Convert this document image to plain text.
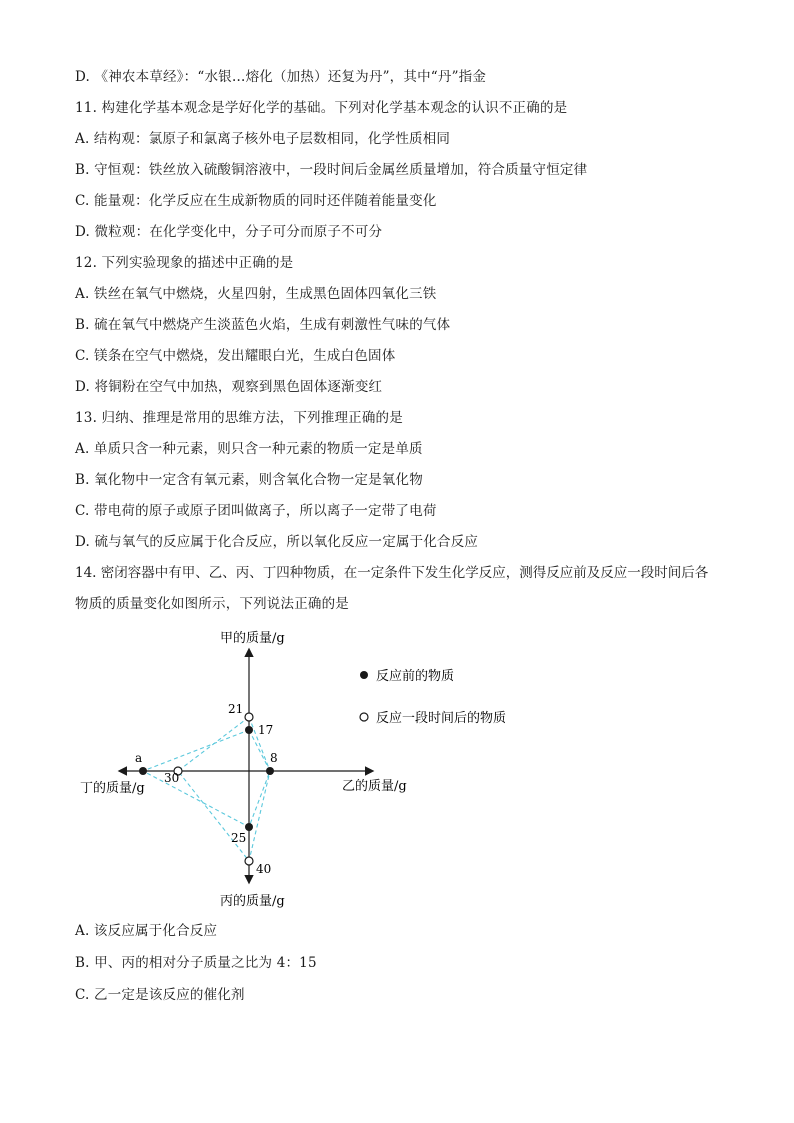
D. 《神农本草经》：“水银…熔化（加热）还复为丹”，其中“丹”指金
11. 构建化学基本观念是学好化学的基础。下列对化学基本观念的认识不正确的是
A. 结构观：氯原子和氯离子核外电子层数相同，化学性质相同
B. 守恒观：铁丝放入硫酸铜溶液中，一段时间后金属丝质量增加，符合质量守恒定律
C. 能量观：化学反应在生成新物质的同时还伴随着能量变化
D. 微粒观：在化学变化中，分子可分而原子不可分
12. 下列实验现象的描述中正确的是
A. 铁丝在氧气中燃烧，火星四射，生成黑色固体四氧化三铁
B. 硫在氧气中燃烧产生淡蓝色火焰，生成有刺激性气味的气体
C. 镁条在空气中燃烧，发出耀眼白光，生成白色固体
D. 将铜粉在空气中加热，观察到黑色固体逐渐变红
13. 归纳、推理是常用的思维方法，下列推理正确的是
A. 单质只含一种元素，则只含一种元素的物质一定是单质
B. 氧化物中一定含有氧元素，则含氧化合物一定是氧化物
C. 带电荷的原子或原子团叫做离子，所以离子一定带了电荷
D. 硫与氧气的反应属于化合反应，所以氧化反应一定属于化合反应
14. 密闭容器中有甲、乙、丙、丁四种物质，在一定条件下发生化学反应，测得反应前及反应一段时间后各
物质的质量变化如图所示，下列说法正确的是
甲的质量/g
乙的质量/g
丙的质量/g
丁的质量/g
17
21
8
25
40
a
30
反应前的物质
反应一段时间后的物质
A. 该反应属于化合反应
B. 甲、丙的相对分子质量之比为 4：15
C. 乙一定是该反应的催化剂
